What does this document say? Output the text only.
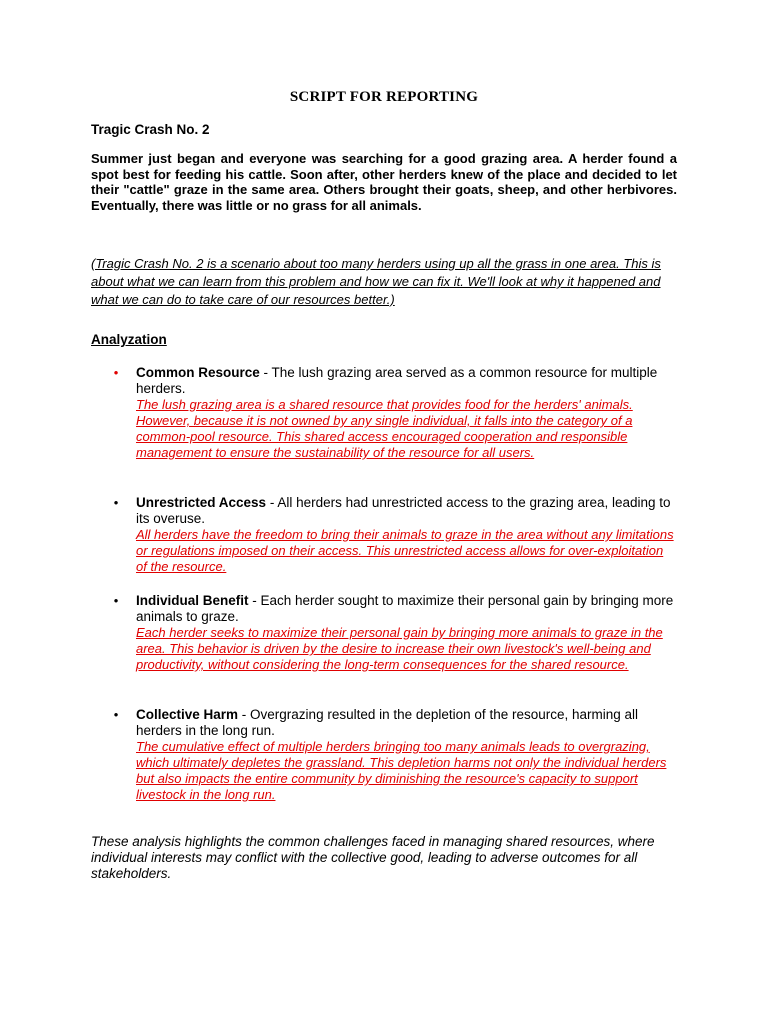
SCRIPT FOR REPORTING
Tragic Crash No. 2
Summer just began and everyone was searching for a good grazing area. A herder found a spot best for feeding his cattle. Soon after, other herders knew of the place and decided to let their "cattle" graze in the same area. Others brought their goats, sheep, and other herbivores. Eventually, there was little or no grass for all animals.
(Tragic Crash No. 2 is a scenario about too many herders using up all the grass in one area. This is about what we can learn from this problem and how we can fix it. We'll look at why it happened and what we can do to take care of our resources better.)
Analyzation
• Common Resource - The lush grazing area served as a common resource for multiple herders.
The lush grazing area is a shared resource that provides food for the herders' animals. However, because it is not owned by any single individual, it falls into the category of a common-pool resource. This shared access encouraged cooperation and responsible management to ensure the sustainability of the resource for all users.
• Unrestricted Access - All herders had unrestricted access to the grazing area, leading to its overuse.
All herders have the freedom to bring their animals to graze in the area without any limitations or regulations imposed on their access. This unrestricted access allows for over-exploitation of the resource.
• Individual Benefit - Each herder sought to maximize their personal gain by bringing more animals to graze.
Each herder seeks to maximize their personal gain by bringing more animals to graze in the area. This behavior is driven by the desire to increase their own livestock's well-being and productivity, without considering the long-term consequences for the shared resource.
• Collective Harm - Overgrazing resulted in the depletion of the resource, harming all herders in the long run.
The cumulative effect of multiple herders bringing too many animals leads to overgrazing, which ultimately depletes the grassland. This depletion harms not only the individual herders but also impacts the entire community by diminishing the resource's capacity to support livestock in the long run.
These analysis highlights the common challenges faced in managing shared resources, where individual interests may conflict with the collective good, leading to adverse outcomes for all stakeholders.
